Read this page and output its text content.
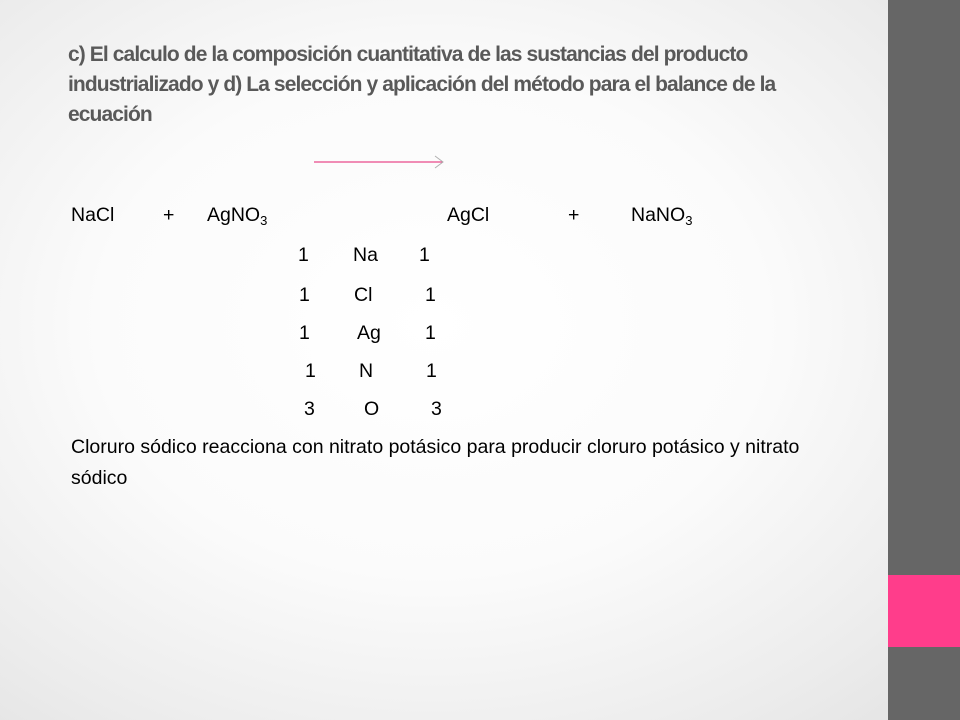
c) El calculo de la composición cuantitativa de las sustancias del producto industrializado y d) La selección y aplicación del método para el balance de la ecuación
NaCl + AgNO$_3$	AgCl	+	NaNO$_3$
1 Na 1
1 Cl	1
1 Ag 1
1 N	1
3	O	3

Cloruro sódico reacciona con nitrato potásico para producir cloruro potásico y nitrato sódico
